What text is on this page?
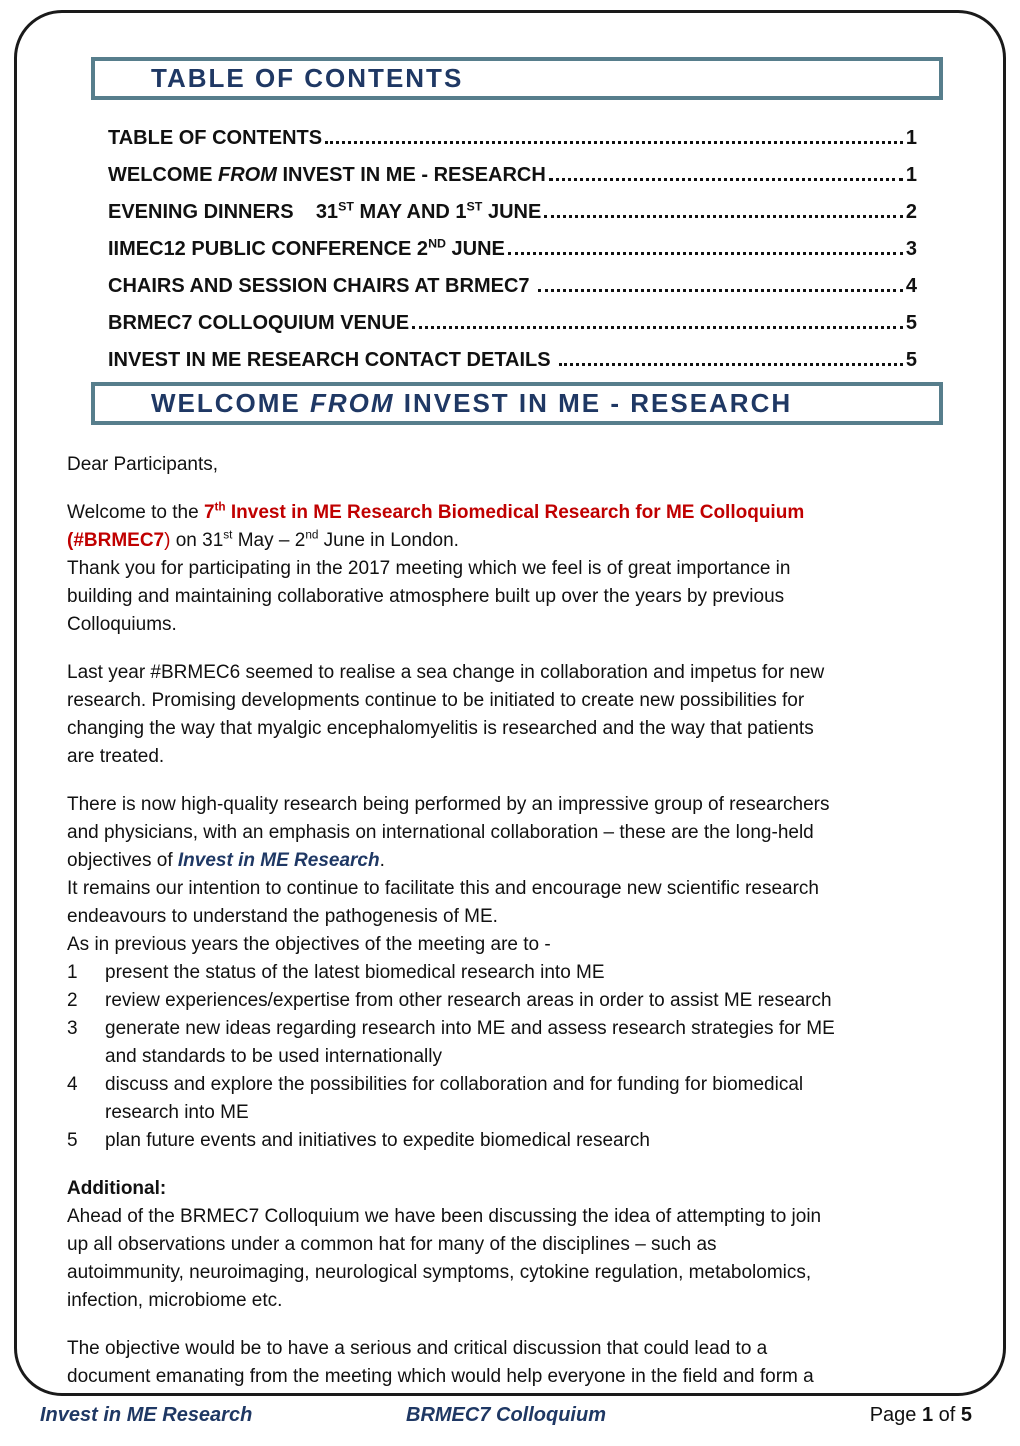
TABLE OF CONTENTS
TABLE OF CONTENTS	1
WELCOME FROM INVEST IN ME - RESEARCH	1
EVENING DINNERS    31ST MAY AND 1ST JUNE	2
IIMEC12 PUBLIC CONFERENCE 2ND JUNE	3
CHAIRS AND SESSION CHAIRS AT BRMEC7	4
BRMEC7 COLLOQUIUM VENUE	5
INVEST IN ME RESEARCH CONTACT DETAILS	5
WELCOME FROM INVEST IN ME - RESEARCH
Dear Participants,
Welcome to the 7th Invest in ME Research Biomedical Research for ME Colloquium
(#BRMEC7) on 31st May – 2nd June in London.
Thank you for participating in the 2017 meeting which we feel is of great importance in
building and maintaining collaborative atmosphere built up over the years by previous
Colloquiums.
Last year #BRMEC6 seemed to realise a sea change in collaboration and impetus for new
research. Promising developments continue to be initiated to create new possibilities for
changing the way that myalgic encephalomyelitis is researched and the way that patients
are treated.
There is now high-quality research being performed by an impressive group of researchers
and physicians, with an emphasis on international collaboration – these are the long-held
objectives of Invest in ME Research.
It remains our intention to continue to facilitate this and encourage new scientific research
endeavours to understand the pathogenesis of ME.
As in previous years the objectives of the meeting are to -
1	present the status of the latest biomedical research into ME
2	review experiences/expertise from other research areas in order to assist ME research
3	generate new ideas regarding research into ME and assess research strategies for ME
and standards to be used internationally
4	discuss and explore the possibilities for collaboration and for funding for biomedical
research into ME
5	plan future events and initiatives to expedite biomedical research
Additional:
Ahead of the BRMEC7 Colloquium we have been discussing the idea of attempting to join
up all observations under a common hat for many of the disciplines – such as
autoimmunity, neuroimaging, neurological symptoms, cytokine regulation, metabolomics,
infection, microbiome etc.
The objective would be to have a serious and critical discussion that could lead to a
document emanating from the meeting which would help everyone in the field and form a
Invest in ME Research	BRMEC7 Colloquium	Page 1 of 5
